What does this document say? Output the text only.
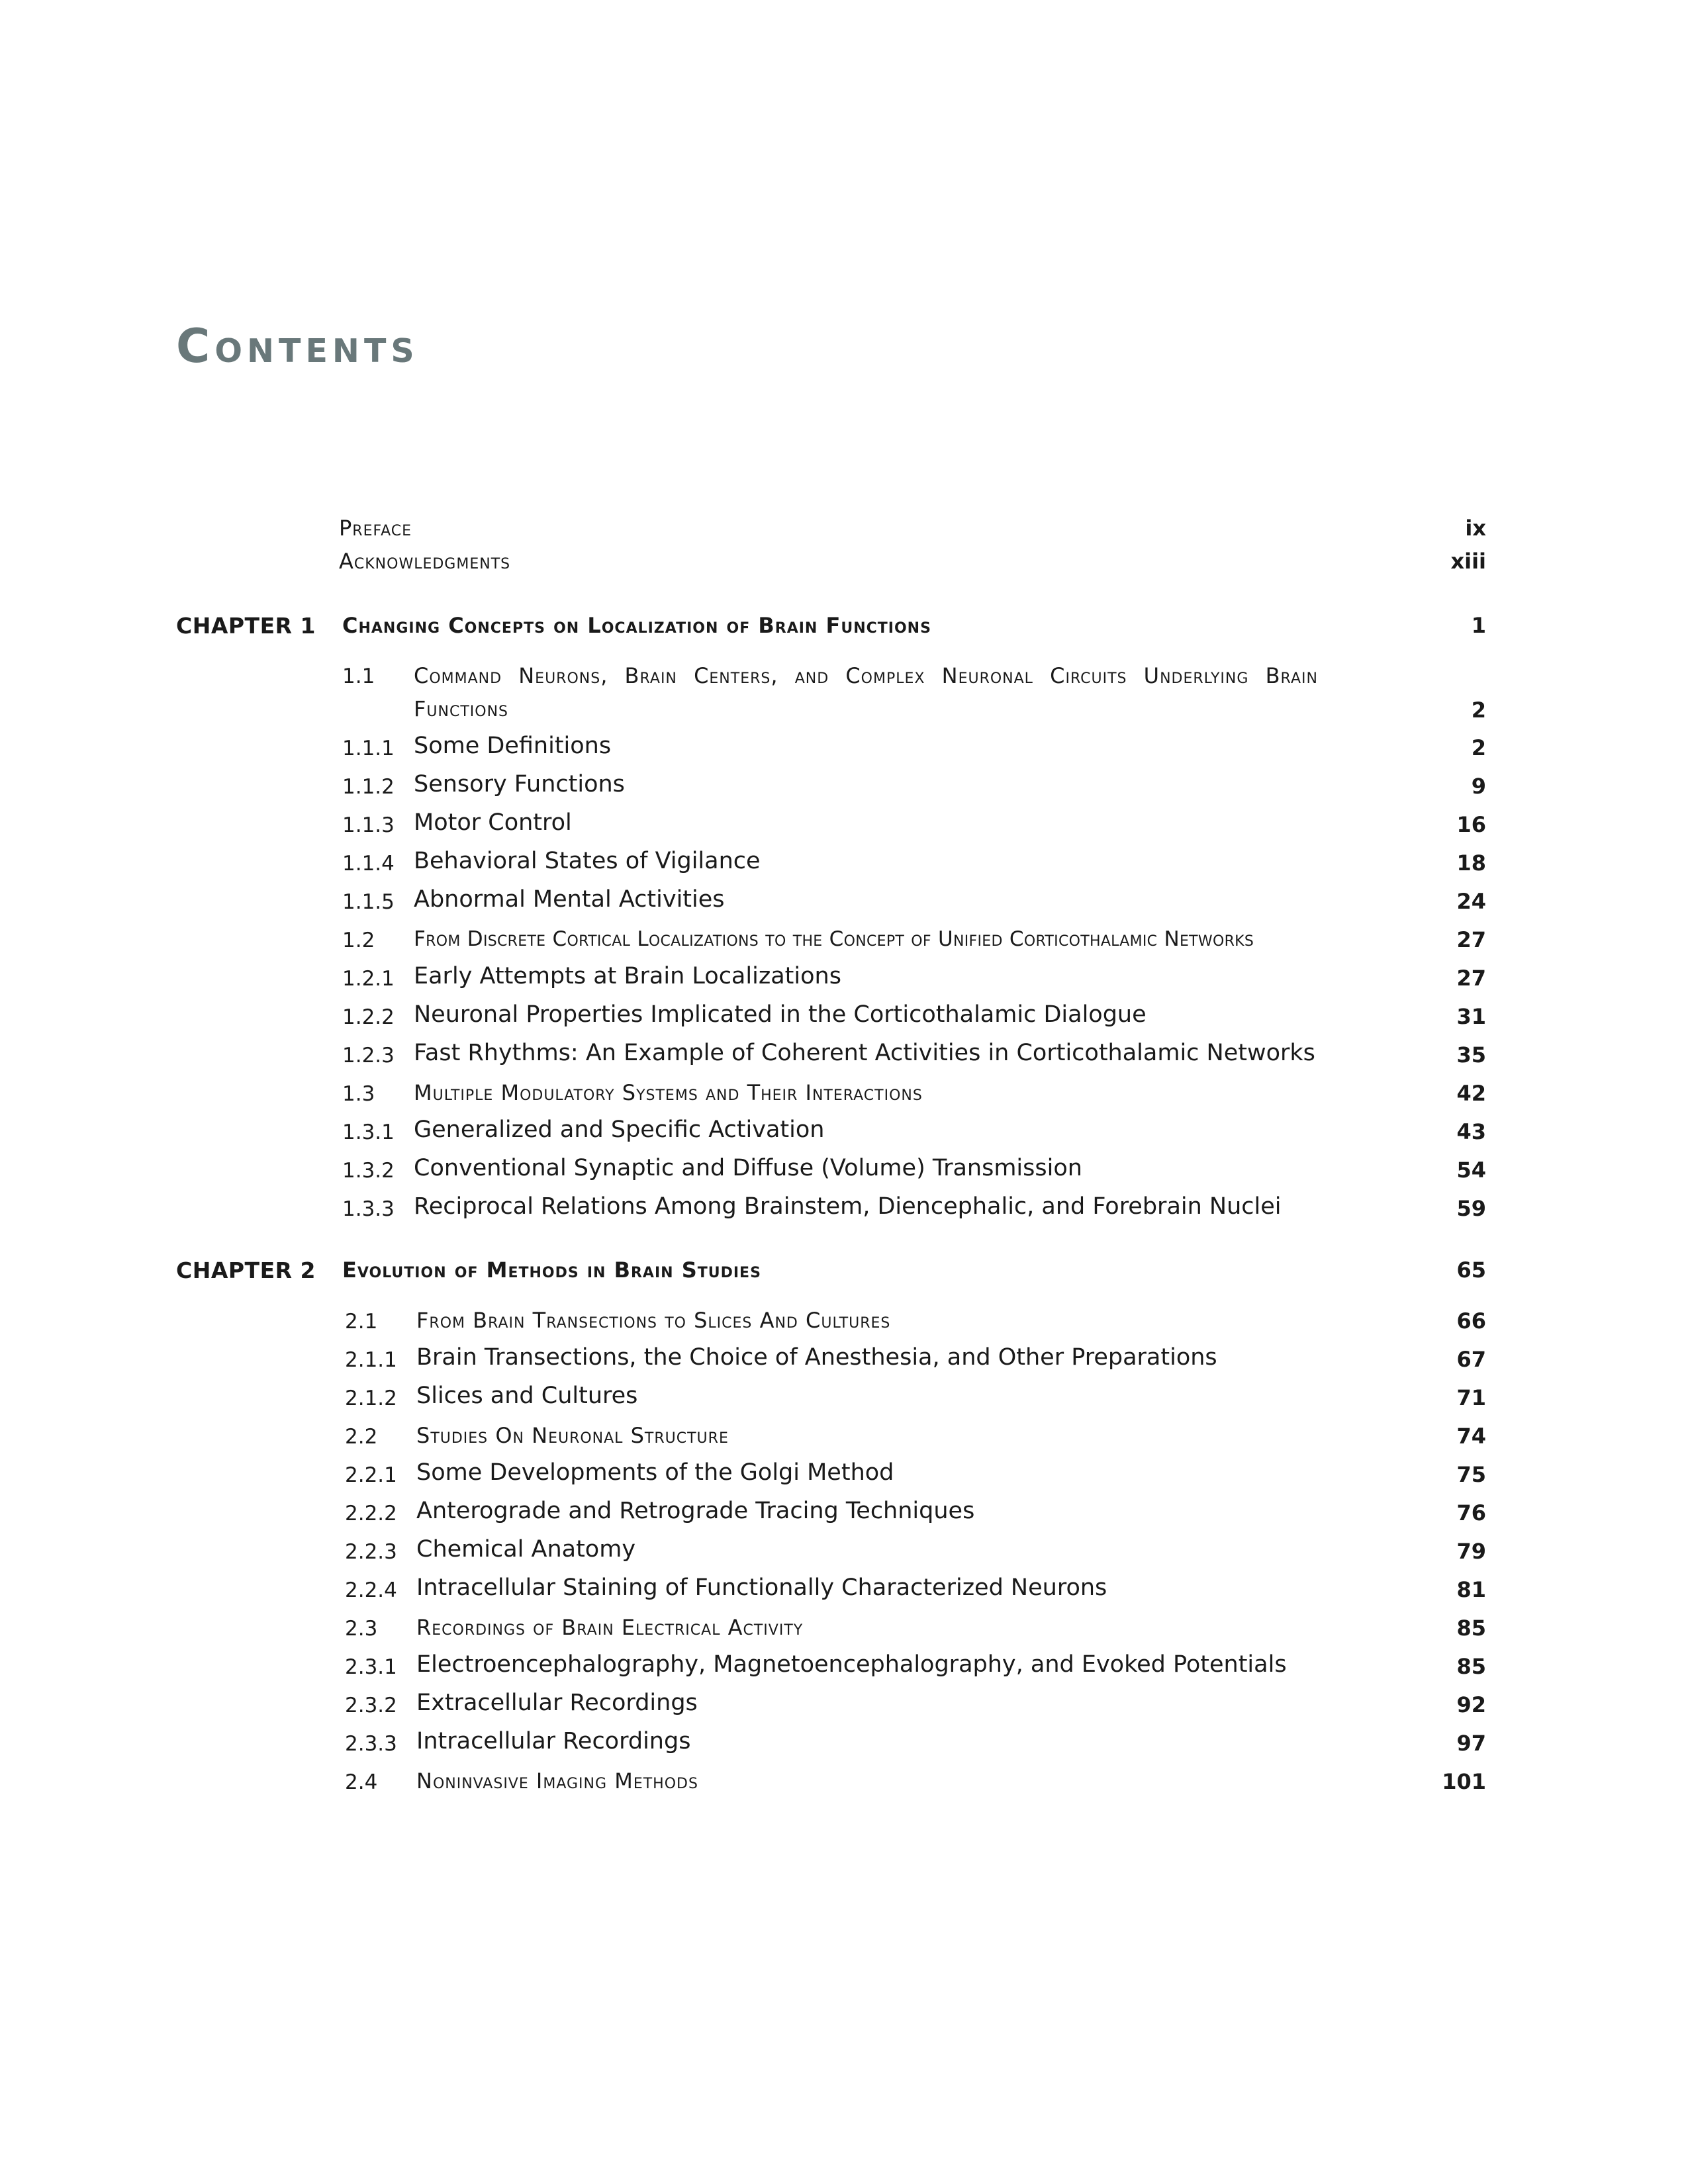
Contents
Preface	ix
Acknowledgments	xiii
CHAPTER 1 Changing Concepts on Localization of Brain Functions	1
1.1 Command Neurons, Brain Centers, and Complex Neuronal Circuits Underlying Brain
Functions	2
1.1.1 Some Definitions	2
1.1.2 Sensory Functions	9
1.1.3 Motor Control	16
1.1.4 Behavioral States of Vigilance	18
1.1.5 Abnormal Mental Activities	24
1.2 From Discrete Cortical Localizations to the Concept of Unified Corticothalamic Networks	27
1.2.1 Early Attempts at Brain Localizations	27
1.2.2 Neuronal Properties Implicated in the Corticothalamic Dialogue	31
1.2.3 Fast Rhythms: An Example of Coherent Activities in Corticothalamic Networks	35
1.3 Multiple Modulatory Systems and Their Interactions	42
1.3.1 Generalized and Specific Activation	43
1.3.2 Conventional Synaptic and Diffuse (Volume) Transmission	54
1.3.3 Reciprocal Relations Among Brainstem, Diencephalic, and Forebrain Nuclei	59
CHAPTER 2 Evolution of Methods in Brain Studies	65
2.1 From Brain Transections to Slices And Cultures	66
2.1.1 Brain Transections, the Choice of Anesthesia, and Other Preparations	67
2.1.2 Slices and Cultures	71
2.2 Studies On Neuronal Structure	74
2.2.1 Some Developments of the Golgi Method	75
2.2.2 Anterograde and Retrograde Tracing Techniques	76
2.2.3 Chemical Anatomy	79
2.2.4 Intracellular Staining of Functionally Characterized Neurons	81
2.3 Recordings of Brain Electrical Activity	85
2.3.1 Electroencephalography, Magnetoencephalography, and Evoked Potentials	85
2.3.2 Extracellular Recordings	92
2.3.3 Intracellular Recordings	97
2.4 Noninvasive Imaging Methods	101
